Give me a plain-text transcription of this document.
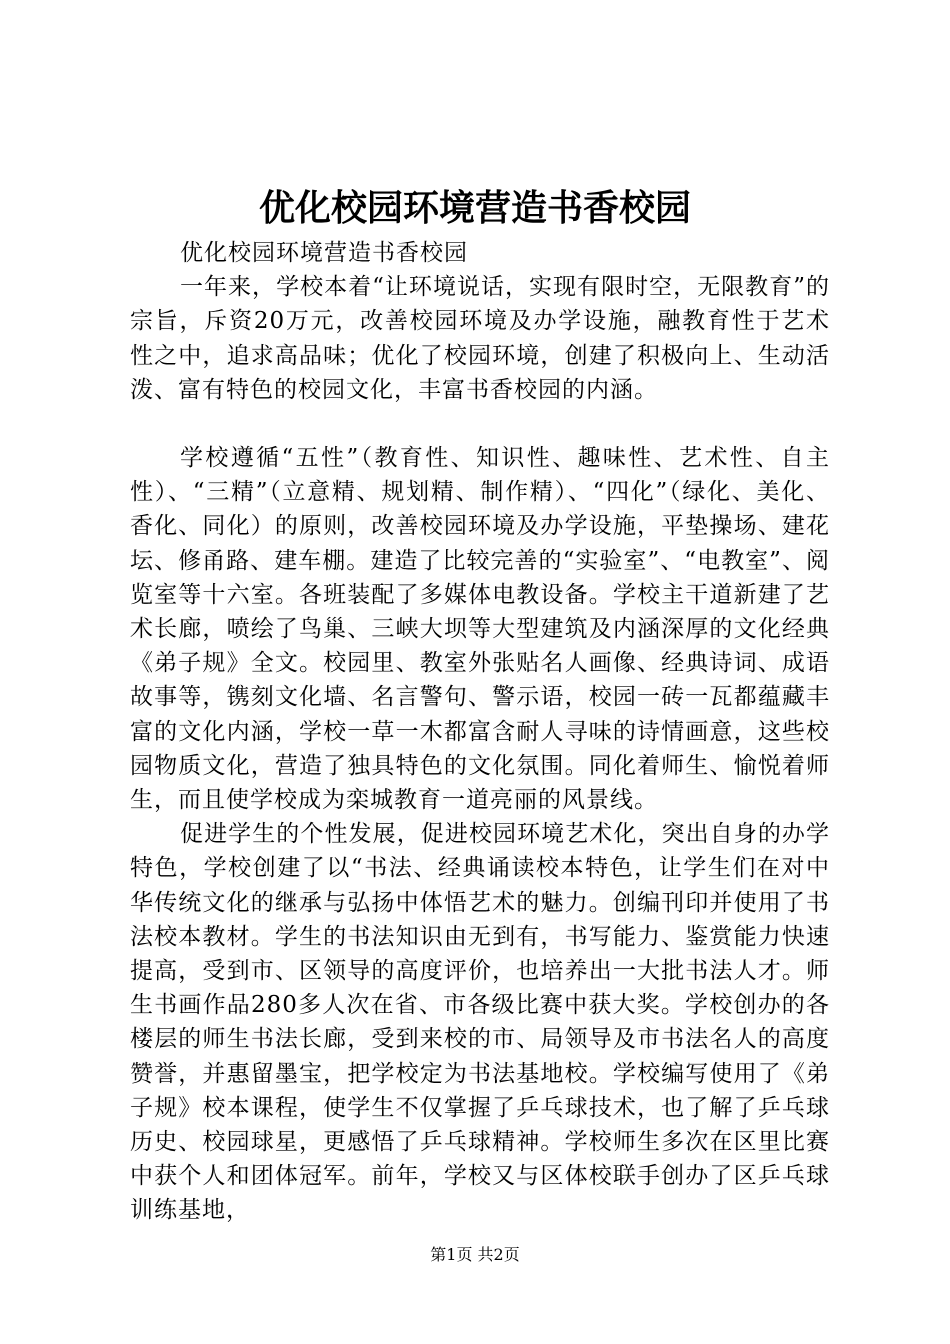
优化校园环境营造书香校园

优化校园环境营造书香校园

一年来，学校本着“让环境说话，实现有限时空，无限教育”的宗旨，斥资20万元，改善校园环境及办学设施，融教育性于艺术性之中，追求高品味；优化了校园环境，创建了积极向上、生动活泼、富有特色的校园文化，丰富书香校园的内涵。

学校遵循“五性”（教育性、知识性、趣味性、艺术性、自主性）、“三精”（立意精、规划精、制作精）、“四化”（绿化、美化、香化、同化）的原则，改善校园环境及办学设施，平垫操场、建花坛、修甬路、建车棚。建造了比较完善的“实验室”、“电教室”、阅览室等十六室。各班装配了多媒体电教设备。学校主干道新建了艺术长廊，喷绘了鸟巢、三峡大坝等大型建筑及内涵深厚的文化经典《弟子规》全文。校园里、教室外张贴名人画像、经典诗词、成语故事等，镌刻文化墙、名言警句、警示语，校园一砖一瓦都蕴藏丰富的文化内涵，学校一草一木都富含耐人寻味的诗情画意，这些校园物质文化，营造了独具特色的文化氛围。同化着师生、愉悦着师生，而且使学校成为栾城教育一道亮丽的风景线。

促进学生的个性发展，促进校园环境艺术化，突出自身的办学特色，学校创建了以“书法、经典诵读校本特色，让学生们在对中华传统文化的继承与弘扬中体悟艺术的魅力。创编刊印并使用了书法校本教材。学生的书法知识由无到有，书写能力、鉴赏能力快速提高，受到市、区领导的高度评价，也培养出一大批书法人才。师生书画作品280多人次在省、市各级比赛中获大奖。学校创办的各楼层的师生书法长廊，受到来校的市、局领导及市书法名人的高度赞誉，并惠留墨宝，把学校定为书法基地校。学校编写使用了《弟子规》校本课程，使学生不仅掌握了乒乓球技术，也了解了乒乓球历史、校园球星，更感悟了乒乓球精神。学校师生多次在区里比赛中获个人和团体冠军。前年，学校又与区体校联手创办了区乒乓球训练基地，

第1页 共2页
